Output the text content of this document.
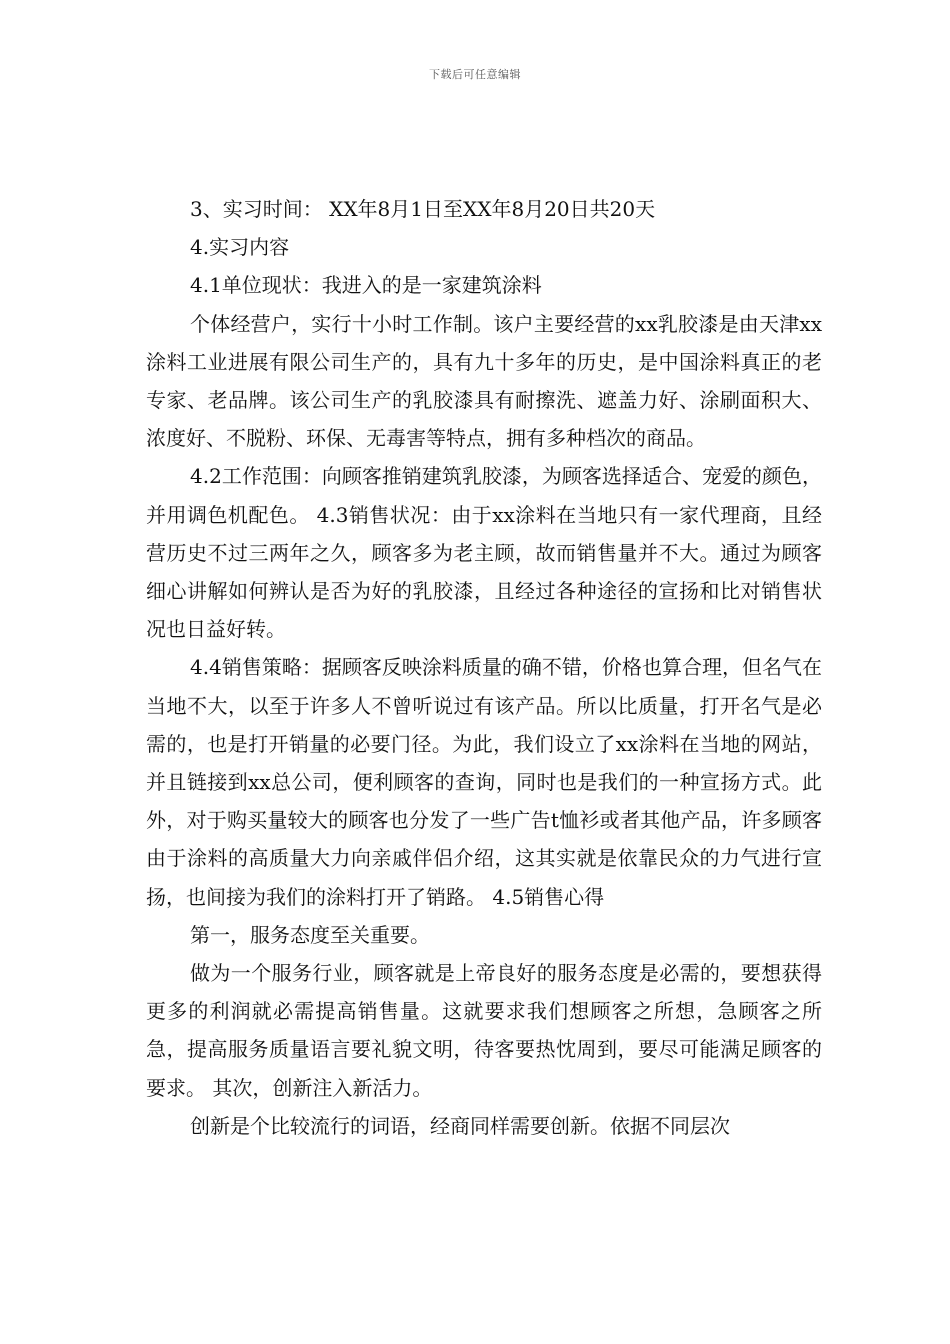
下载后可任意编辑

3、实习时间： XX年8月1日至XX年8月20日共20天

4.实习内容

4.1单位现状：我进入的是一家建筑涂料

个体经营户，实行十小时工作制。该户主要经营的xx乳胶漆是由天津xx涂料工业进展有限公司生产的，具有九十多年的历史，是中国涂料真正的老专家、老品牌。该公司生产的乳胶漆具有耐擦洗、遮盖力好、涂刷面积大、浓度好、不脱粉、环保、无毒害等特点，拥有多种档次的商品。

4.2工作范围：向顾客推销建筑乳胶漆，为顾客选择适合、宠爱的颜色，并用调色机配色。 4.3销售状况：由于xx涂料在当地只有一家代理商，且经营历史不过三两年之久，顾客多为老主顾，故而销售量并不大。通过为顾客细心讲解如何辨认是否为好的乳胶漆，且经过各种途径的宣扬和比对销售状况也日益好转。

4.4销售策略：据顾客反映涂料质量的确不错，价格也算合理，但名气在当地不大，以至于许多人不曾听说过有该产品。所以比质量，打开名气是必需的，也是打开销量的必要门径。为此，我们设立了xx涂料在当地的网站，并且链接到xx总公司，便利顾客的查询，同时也是我们的一种宣扬方式。此外，对于购买量较大的顾客也分发了一些广告t恤衫或者其他产品，许多顾客由于涂料的高质量大力向亲戚伴侣介绍，这其实就是依靠民众的力气进行宣扬，也间接为我们的涂料打开了销路。 4.5销售心得

第一，服务态度至关重要。

做为一个服务行业，顾客就是上帝良好的服务态度是必需的，要想获得更多的利润就必需提高销售量。这就要求我们想顾客之所想，急顾客之所急，提高服务质量语言要礼貌文明，待客要热忱周到，要尽可能满足顾客的要求。 其次，创新注入新活力。

创新是个比较流行的词语，经商同样需要创新。依据不同层次
